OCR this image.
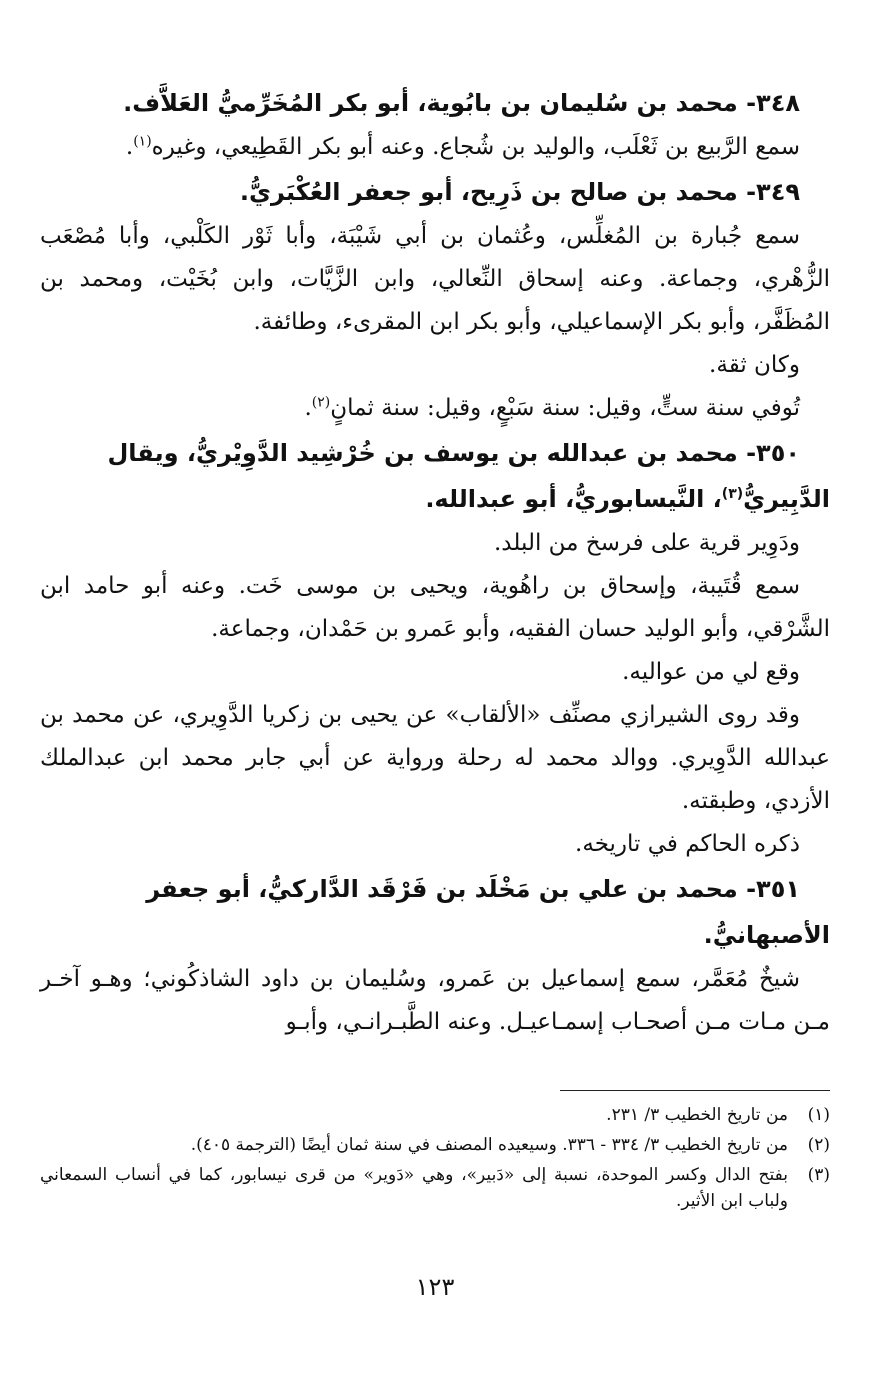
٣٤٨- محمد بن سُليمان بن بابُوية، أبو بكر المُخَرِّميُّ العَلاَّف.

سمع الرَّبيع بن ثَعْلَب، والوليد بن شُجاع. وعنه أبو بكر القَطِيعي، وغيره$^{(١)}$.

٣٤٩- محمد بن صالح بن ذَرِيح، أبو جعفر العُكْبَريُّ.

سمع جُبارة بن المُغلِّس، وعُثمان بن أبي شَيْبَة، وأبا ثَوْر الكَلْبي، وأبا مُصْعَب الزُّهْري، وجماعة. وعنه إسحاق النِّعالي، وابن الزَّيَّات، وابن بُخَيْت، ومحمد بن المُظَفَّر، وأبو بكر الإسماعيلي، وأبو بكر ابن المقرىء، وطائفة.

وكان ثقة.

تُوفي سنة ستٍّ، وقيل: سنة سَبْعٍ، وقيل: سنة ثمانٍ$^{(٢)}$.

٣٥٠- محمد بن عبدالله بن يوسف بن خُرْشِيد الدَّوِيْريُّ، ويقال الدَّبِيريُّ$^{(٣)}$، النَّيسابوريُّ، أبو عبدالله.

ودَوِير قرية على فرسخ من البلد.

سمع قُتَيبة، وإسحاق بن راهُوية، ويحيى بن موسى خَت. وعنه أبو حامد ابن الشَّرْقي، وأبو الوليد حسان الفقيه، وأبو عَمرو بن حَمْدان، وجماعة.

وقع لي من عواليه.

وقد روى الشيرازي مصنِّف «الألقاب» عن يحيى بن زكريا الدَّوِيري، عن محمد بن عبدالله الدَّوِيري. ووالد محمد له رحلة ورواية عن أبي جابر محمد ابن عبدالملك الأزدي، وطبقته.

ذكره الحاكم في تاريخه.

٣٥١- محمد بن علي بن مَخْلَد بن فَرْقَد الدَّاركيُّ، أبو جعفر الأصبهانيُّ.

شيخٌ مُعَمَّر، سمع إسماعيل بن عَمرو، وسُليمان بن داود الشاذكُوني؛ وهـو آخـر مـن مـات مـن أصحـاب إسمـاعيـل. وعنه الطَّبـرانـي، وأبـو

(١)
من تاريخ الخطيب ٣/ ٢٣١.
(٢)
من تاريخ الخطيب ٣/ ٣٣٤ - ٣٣٦. وسيعيده المصنف في سنة ثمان أيضًا (الترجمة ٤٠٥).
(٣)
بفتح الدال وكسر الموحدة، نسبة إلى «دَبير»، وهي «دَوير» من قرى نيسابور، كما في أنساب السمعاني ولباب ابن الأثير.
١٢٣
